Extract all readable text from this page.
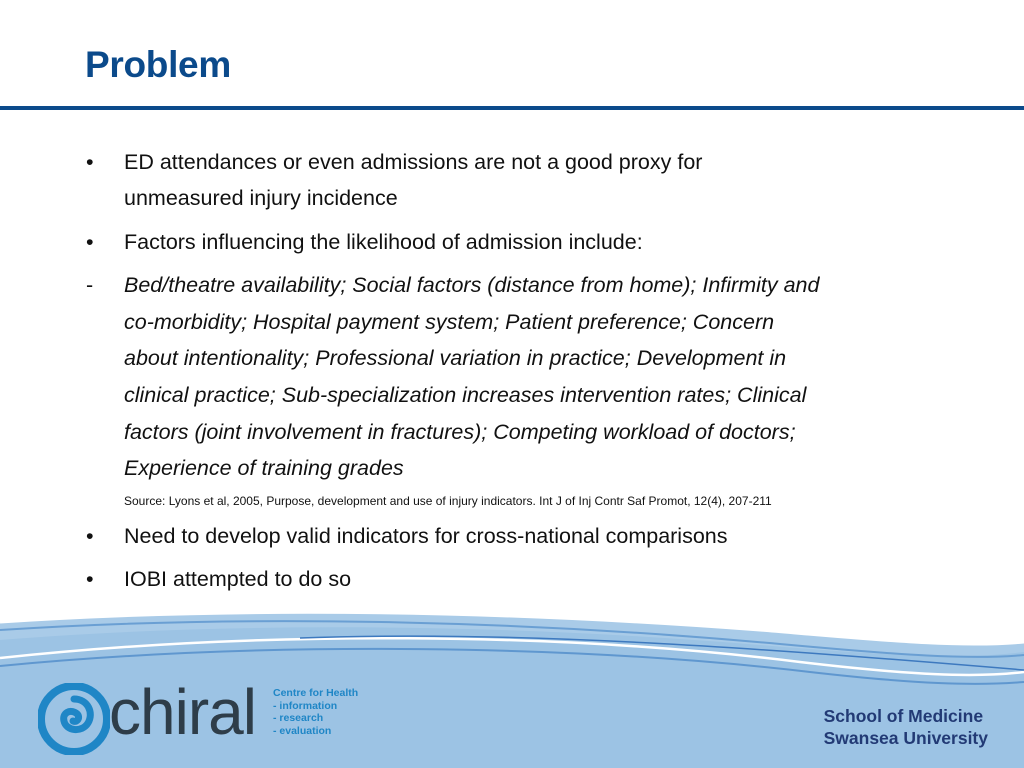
Problem
• ED attendances or even admissions are not a good proxy for
unmeasured injury incidence
• Factors influencing the likelihood of admission include:
- Bed/theatre availability; Social factors (distance from home); Infirmity and
co-morbidity; Hospital payment system; Patient preference; Concern
about intentionality; Professional variation in practice; Development in
clinical practice; Sub-specialization increases intervention rates; Clinical
factors (joint involvement in fractures); Competing workload of doctors;
Experience of training grades
Source: Lyons et al, 2005, Purpose, development and use of injury indicators. Int J of Inj Contr Saf Promot, 12(4), 207-211
• Need to develop valid indicators for cross-national comparisons
• IOBI attempted to do so
chiral Centre for Health
- information
- research
- evaluation
School of Medicine
Swansea University
